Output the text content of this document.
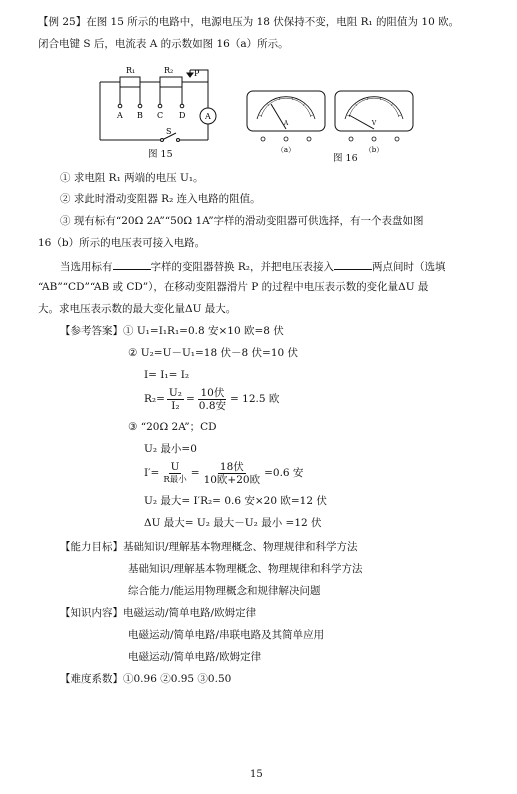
【例 25】在图 15 所示的电路中，电源电压为 18 伏保持不变，电阻 R₁ 的阻值为 10 欧。
闭合电键 S 后，电流表 A 的示数如图 16（a）所示。
R₁	R₂	P
A B C D
S
A
图 15
A	V
（a）	（b）
图 16
① 求电阻 R₁ 两端的电压 U₁。
② 求此时滑动变阻器 R₂ 连入电路的阻值。
③ 现有标有“20Ω 2A”“50Ω 1A”字样的滑动变阻器可供选择，有一个表盘如图
16（b）所示的电压表可接入电路。
当选用标有	字样的变阻器替换 R₂，并把电压表接入	两点间时（选填
“AB”“CD”“AB 或 CD”），在移动变阻器滑片 P 的过程中电压表示数的变化量ΔU 最
大。求电压表示数的最大变化量ΔU 最大。
【参考答案】① U₁=I₁R₁=0.8 安×10 欧=8 伏
② U₂=U－U₁=18 伏－8 伏=10 伏
I= I₁= I₂
$R_2= \frac{\text{U₂}}{\text{I₂}} = \frac{\text{10伏}}{\text{0.8安}} = 12.5$ 欧
③ “20Ω 2A”；CD
U₂ 最小=0
$I'= \frac{U}{\text{R最小}} = \frac{\text{18伏}}{\text{10欧+20欧}} =0.6$ 安
U₂ 最大= I′R₂= 0.6 安×20 欧=12 伏
ΔU 最大= U₂ 最大－U₂ 最小 =12 伏
【能力目标】基础知识/理解基本物理概念、物理规律和科学方法
基础知识/理解基本物理概念、物理规律和科学方法
综合能力/能运用物理概念和规律解决问题
【知识内容】电磁运动/简单电路/欧姆定律
电磁运动/简单电路/串联电路及其简单应用
电磁运动/简单电路/欧姆定律
【难度系数】①0.96 ②0.95 ③0.50
15
